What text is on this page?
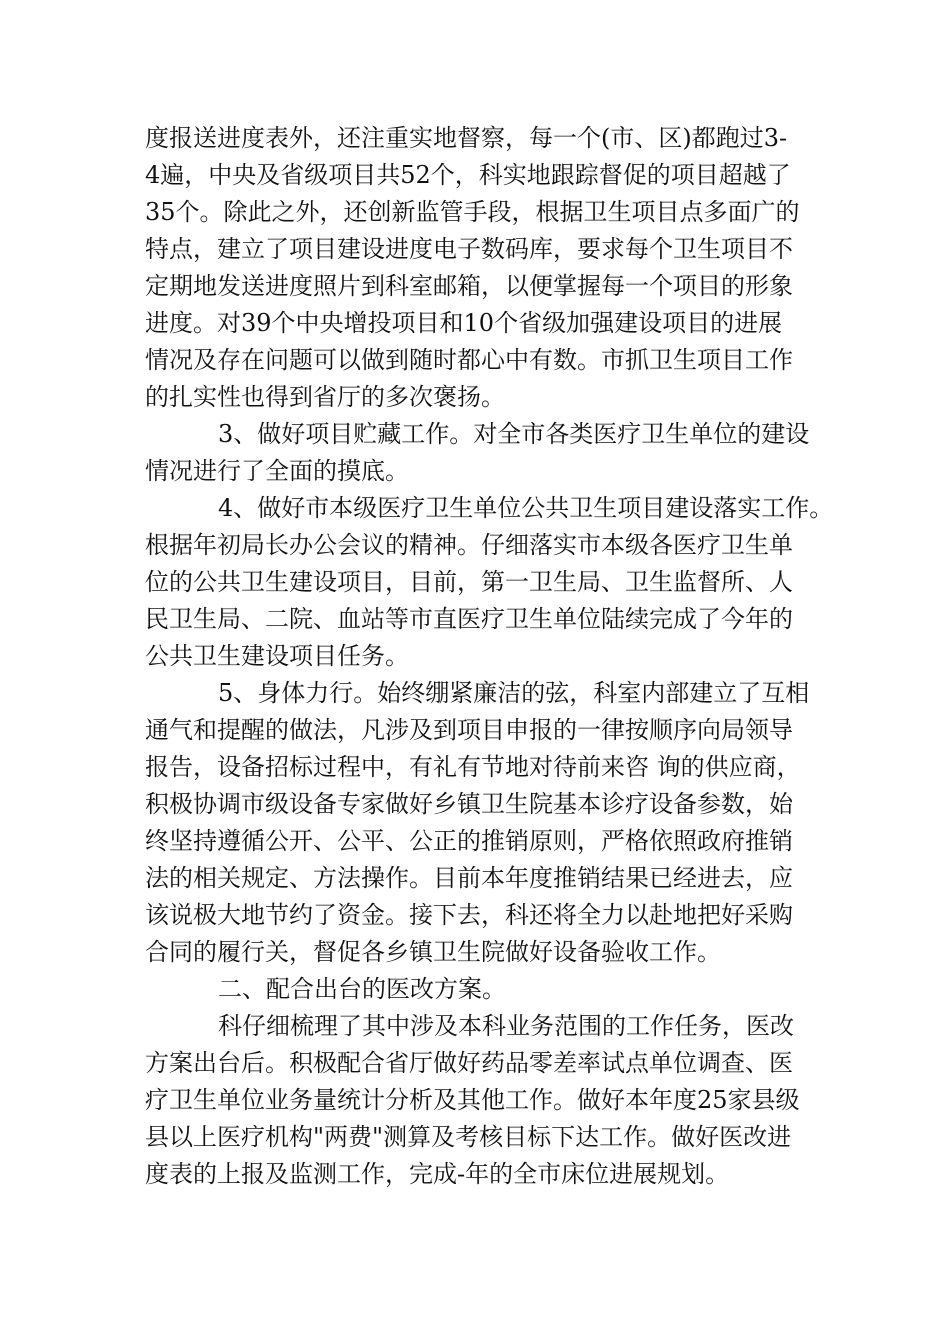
度报送进度表外，还注重实地督察，每一个(市、区)都跑过3-

4遍，中央及省级项目共52个，科实地跟踪督促的项目超越了

35个。除此之外，还创新监管手段，根据卫生项目点多面广的

特点，建立了项目建设进度电子数码库，要求每个卫生项目不

定期地发送进度照片到科室邮箱，以便掌握每一个项目的形象

进度。对39个中央增投项目和10个省级加强建设项目的进展

情况及存在问题可以做到随时都心中有数。市抓卫生项目工作

的扎实性也得到省厅的多次褒扬。

3、做好项目贮藏工作。对全市各类医疗卫生单位的建设

情况进行了全面的摸底。

4、做好市本级医疗卫生单位公共卫生项目建设落实工作。

根据年初局长办公会议的精神。仔细落实市本级各医疗卫生单

位的公共卫生建设项目，目前，第一卫生局、卫生监督所、人

民卫生局、二院、血站等市直医疗卫生单位陆续完成了今年的

公共卫生建设项目任务。

5、身体力行。始终绷紧廉洁的弦，科室内部建立了互相

通气和提醒的做法，凡涉及到项目申报的一律按顺序向局领导

报告，设备招标过程中，有礼有节地对待前来咨 询的供应商，

积极协调市级设备专家做好乡镇卫生院基本诊疗设备参数，始

终坚持遵循公开、公平、公正的推销原则，严格依照政府推销

法的相关规定、方法操作。目前本年度推销结果已经进去，应

该说极大地节约了资金。接下去，科还将全力以赴地把好采购

合同的履行关，督促各乡镇卫生院做好设备验收工作。

二、配合出台的医改方案。

科仔细梳理了其中涉及本科业务范围的工作任务，医改

方案出台后。积极配合省厅做好药品零差率试点单位调查、医

疗卫生单位业务量统计分析及其他工作。做好本年度25家县级

县以上医疗机构"两费"测算及考核目标下达工作。做好医改进

度表的上报及监测工作，完成-年的全市床位进展规划。
